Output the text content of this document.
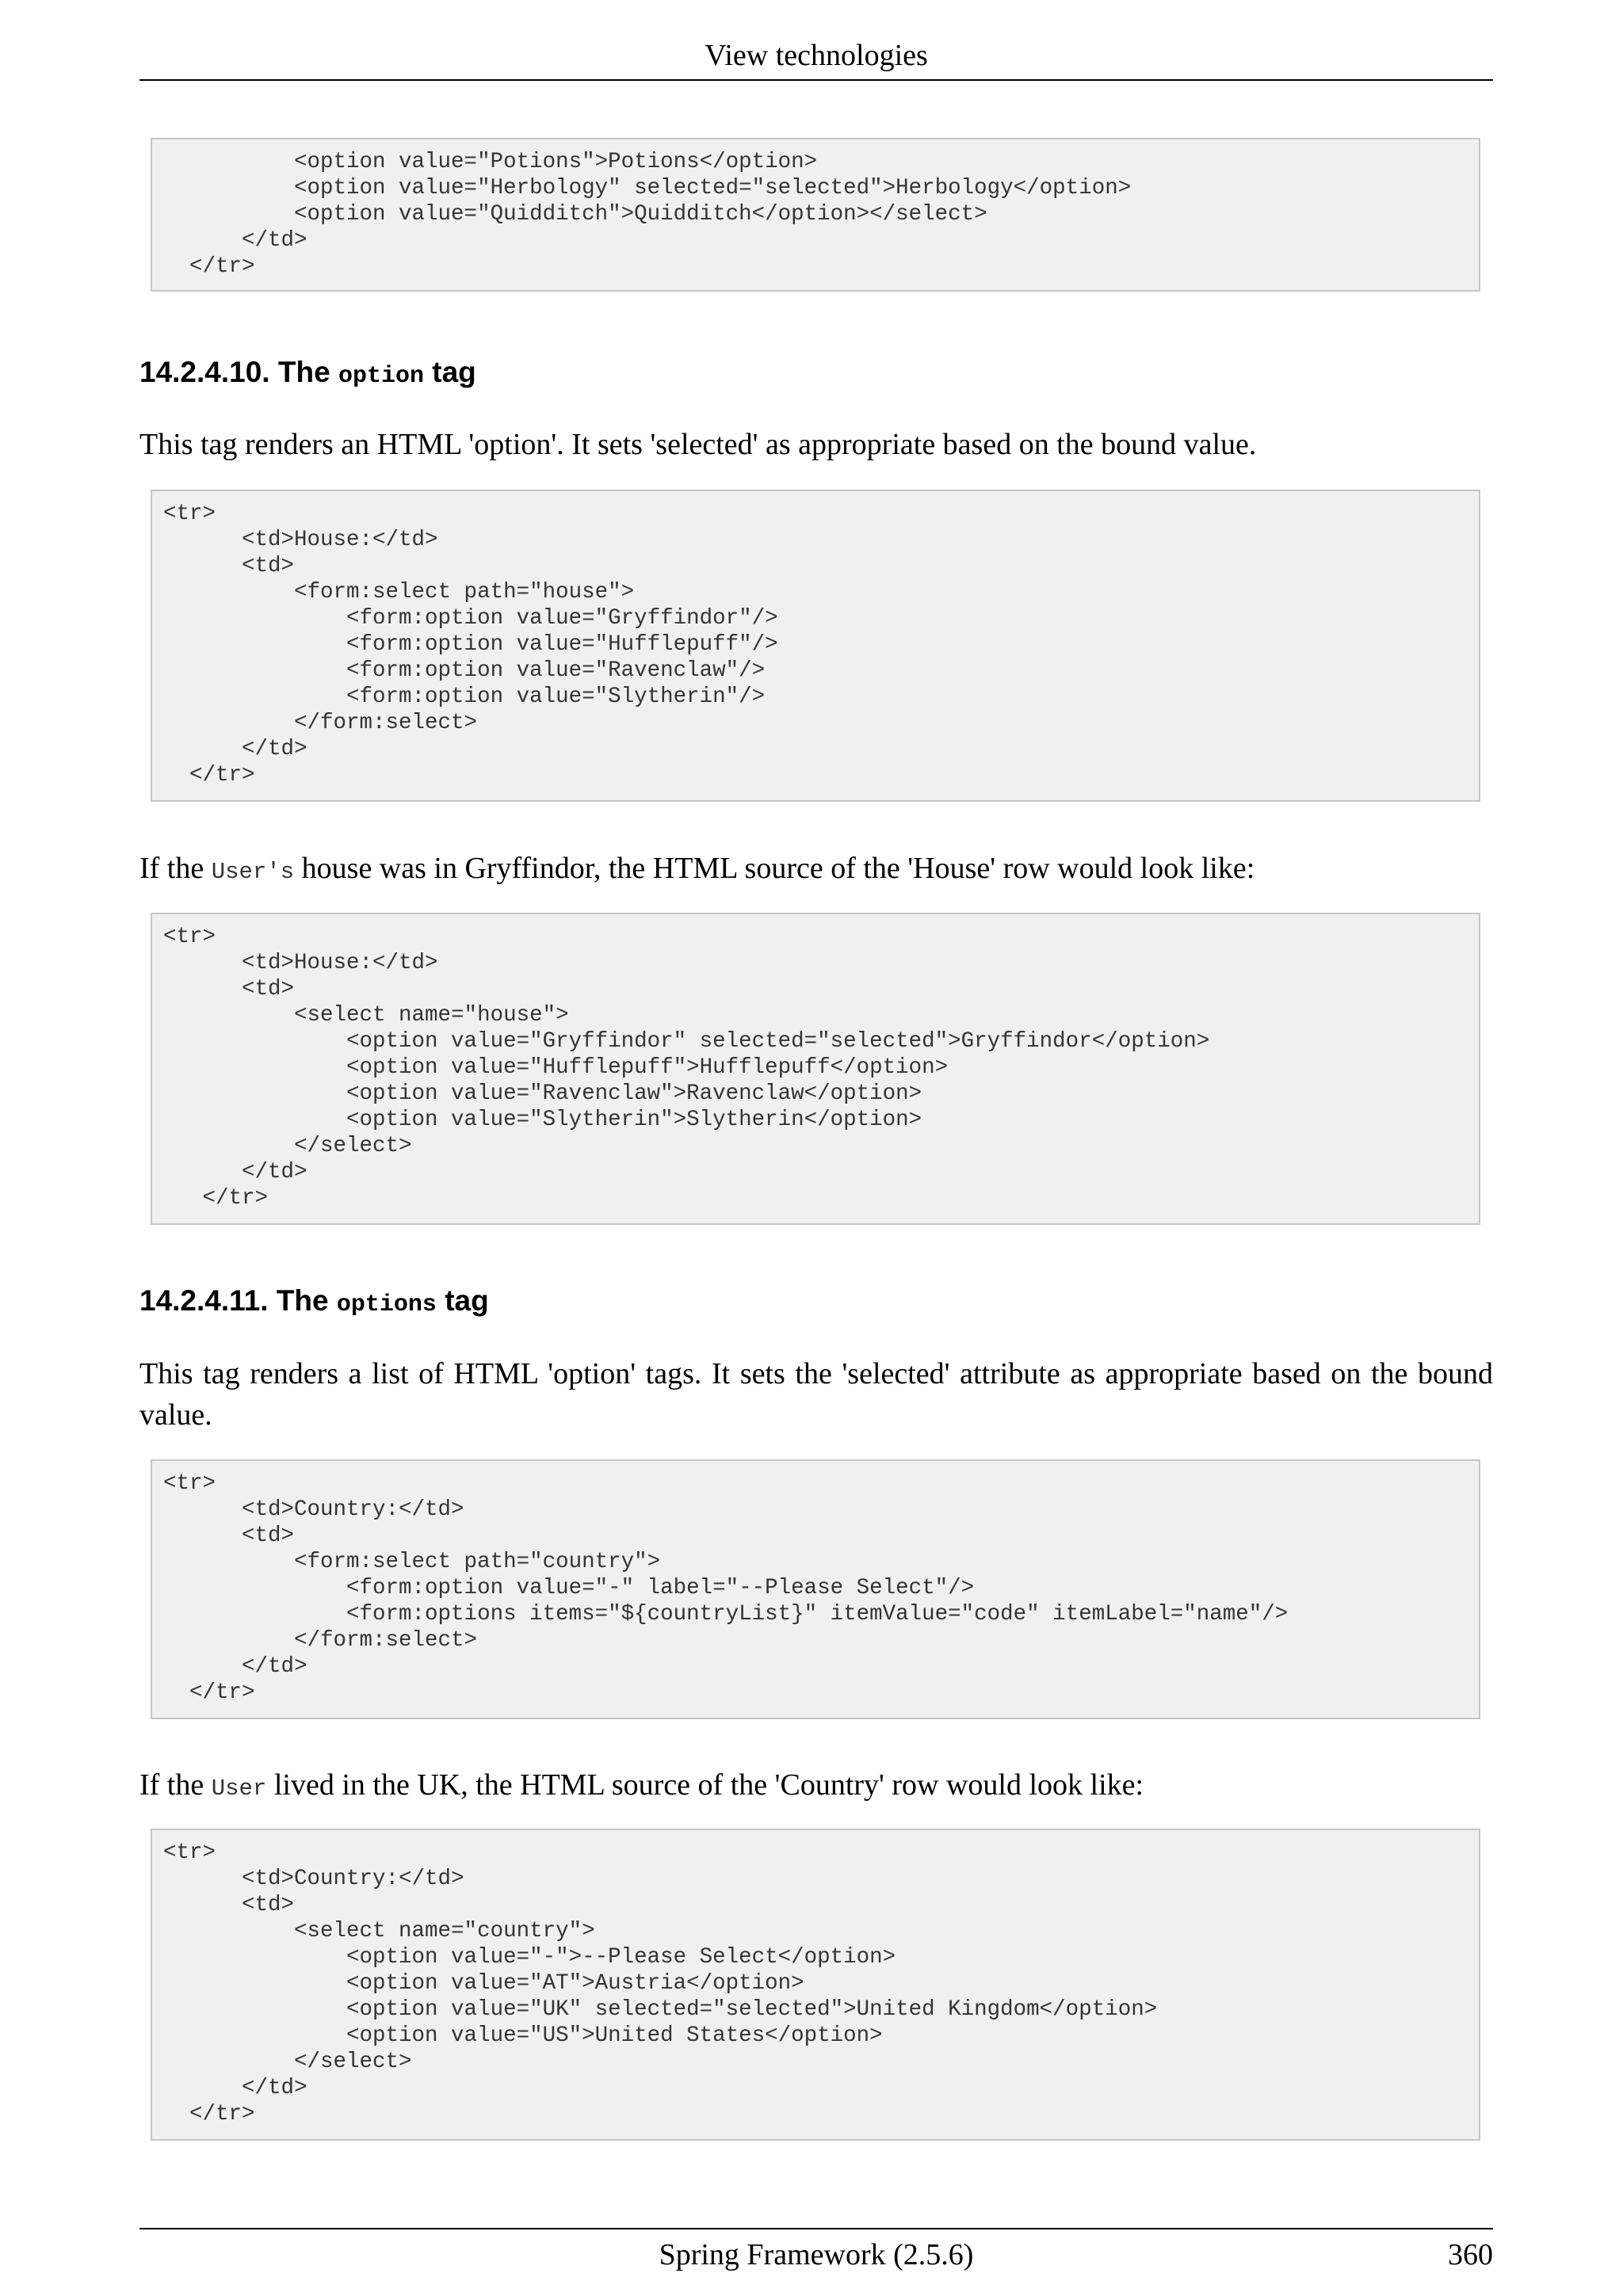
View technologies
<option value="Potions">Potions</option>
<option value="Herbology" selected="selected">Herbology</option>
<option value="Quidditch">Quidditch</option></select>
</td>
</tr>
14.2.4.10. The option tag

This tag renders an HTML 'option'. It sets 'selected' as appropriate based on the bound value.

<tr>
<td>House:</td>
<td>
<form:select path="house">
<form:option value="Gryffindor"/>
<form:option value="Hufflepuff"/>
<form:option value="Ravenclaw"/>
<form:option value="Slytherin"/>
</form:select>
</td>
</tr>

If the User's house was in Gryffindor, the HTML source of the 'House' row would look like:

<tr>
<td>House:</td>
<td>
<select name="house">
<option value="Gryffindor" selected="selected">Gryffindor</option>
<option value="Hufflepuff">Hufflepuff</option>
<option value="Ravenclaw">Ravenclaw</option>
<option value="Slytherin">Slytherin</option>
</select>
</td>
</tr>
14.2.4.11. The options tag

This tag renders a list of HTML 'option' tags. It sets the 'selected' attribute as appropriate based on the bound value.

<tr>
<td>Country:</td>
<td>
<form:select path="country">
<form:option value="-" label="--Please Select"/>
<form:options items="${countryList}" itemValue="code" itemLabel="name"/>
</form:select>
</td>
</tr>

If the User lived in the UK, the HTML source of the 'Country' row would look like:

<tr>
<td>Country:</td>
<td>
<select name="country">
<option value="-">--Please Select</option>
<option value="AT">Austria</option>
<option value="UK" selected="selected">United Kingdom</option>
<option value="US">United States</option>
</select>
</td>
</tr>
Spring Framework (2.5.6)	360
